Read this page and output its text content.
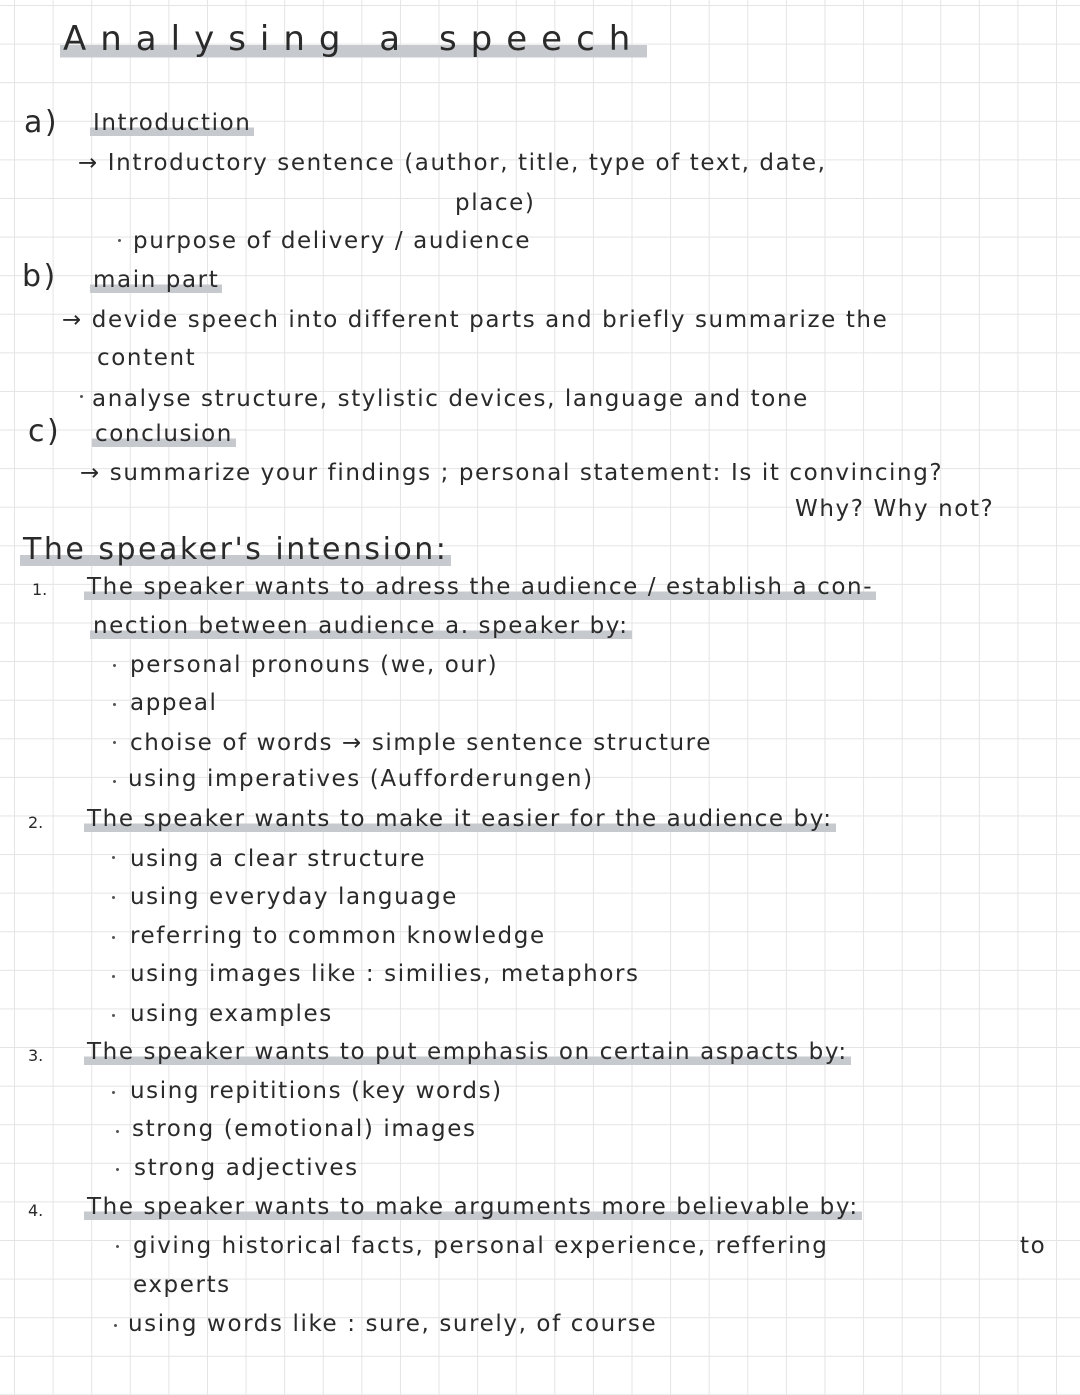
Analysing a speech
a) Introduction
→ Introductory sentence (author, title, type of text, date,
place)
purpose of delivery / audience
b) main part
→ devide speech into different parts and briefly summarize the
content
analyse structure, stylistic devices, language and tone
c) conclusion
→ summarize your findings ; personal statement: Is it convincing?
Why? Why not?
The speaker's intension:
1. The speaker wants to adress the audience / establish a con-
nection between audience a. speaker by:
personal pronouns (we, our)
appeal
choise of words → simple sentence structure
using imperatives (Aufforderungen)
2. The speaker wants to make it easier for the audience by:
using a clear structure
using everyday language
referring to common knowledge
using images like : similies, metaphors
using examples
3. The speaker wants to put emphasis on certain aspacts by:
using repititions (key words)
strong (emotional) images
strong adjectives
4. The speaker wants to make arguments more believable by:
giving historical facts, personal experience, reffering	to
experts
using words like : sure, surely, of course
